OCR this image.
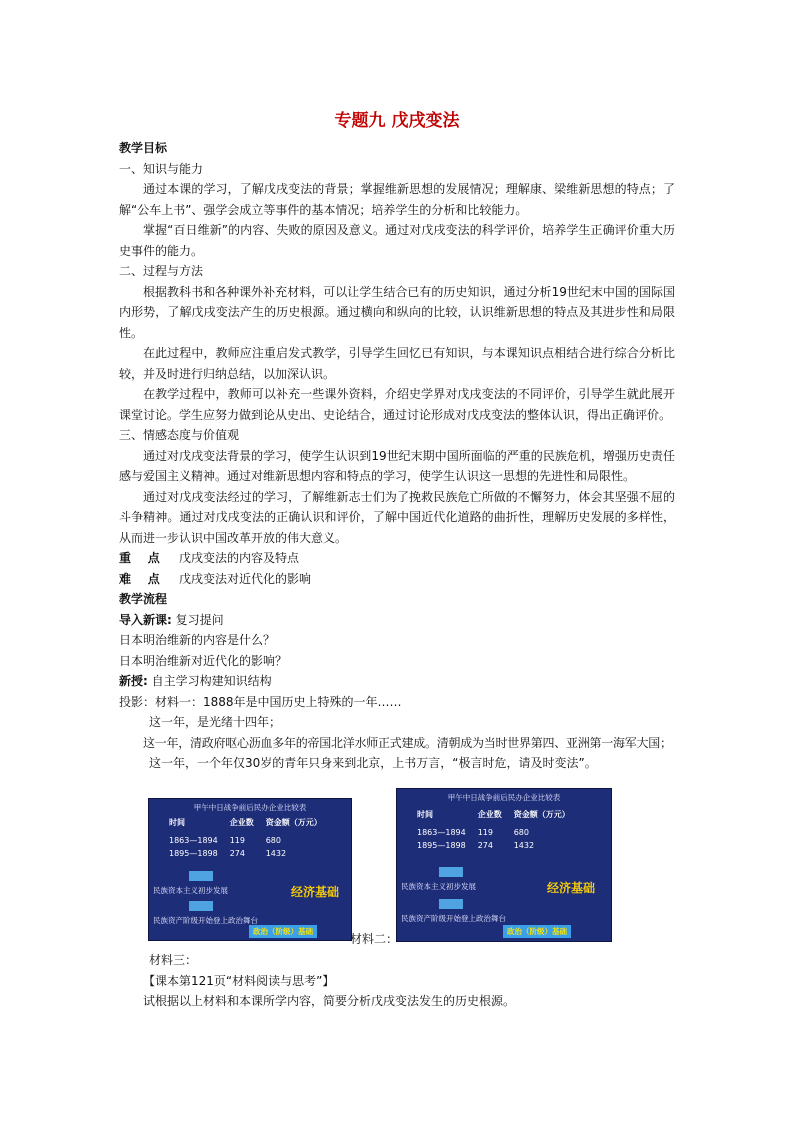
专题九 戊戌变法

教学目标

一、知识与能力

通过本课的学习，了解戊戌变法的背景；掌握维新思想的发展情况；理解康、梁维新思想的特点；了解“公车上书”、强学会成立等事件的基本情况；培养学生的分析和比较能力。

掌握“百日维新”的内容、失败的原因及意义。通过对戊戌变法的科学评价，培养学生正确评价重大历史事件的能力。

二、过程与方法

根据教科书和各种课外补充材料，可以让学生结合已有的历史知识，通过分析19世纪末中国的国际国内形势，了解戊戌变法产生的历史根源。通过横向和纵向的比较，认识维新思想的特点及其进步性和局限性。

在此过程中，教师应注重启发式教学，引导学生回忆已有知识，与本课知识点相结合进行综合分析比较，并及时进行归纳总结，以加深认识。

在教学过程中，教师可以补充一些课外资料，介绍史学界对戊戌变法的不同评价，引导学生就此展开课堂讨论。学生应努力做到论从史出、史论结合，通过讨论形成对戊戌变法的整体认识，得出正确评价。

三、情感态度与价值观

通过对戊戌变法背景的学习，使学生认识到19世纪末期中国所面临的严重的民族危机，增强历史责任感与爱国主义精神。通过对维新思想内容和特点的学习，使学生认识这一思想的先进性和局限性。

通过对戊戌变法经过的学习，了解维新志士们为了挽救民族危亡所做的不懈努力，体会其坚强不屈的斗争精神。通过对戊戌变法的正确认识和评价，了解中国近代化道路的曲折性，理解历史发展的多样性，从而进一步认识中国改革开放的伟大意义。

重    点	戊戌变法的内容及特点
难    点	戊戌变法对近代化的影响

教学流程

导入新课: 复习提问

日本明治维新的内容是什么？

日本明治维新对近代化的影响？

新授: 自主学习构建知识结构

投影：材料一：1888年是中国历史上特殊的一年……

这一年，是光绪十四年；

这一年，清政府呕心沥血多年的帝国北洋水师正式建成。清朝成为当时世界第四、亚洲第一海军大国；

这一年，一个年仅30岁的青年只身来到北京，上书万言，“极言时危，请及时变法”。

甲午中日战争前后民办企业比较表
时间	企业数	资金额（万元）
1863—1894	119	680
1895—1898	274	1432
民族资本主义初步发展	经济基础
民族资产阶级开始登上政治舞台
政治（阶级）基础
甲午中日战争前后民办企业比较表
时间	企业数	资金额（万元）
1863—1894	119	680
1895—1898	274	1432
民族资本主义初步发展	经济基础
民族资产阶级开始登上政治舞台
政治（阶级）基础
材料二：

材料三：

【课本第121页“材料阅读与思考”】

试根据以上材料和本课所学内容，简要分析戊戌变法发生的历史根源。
